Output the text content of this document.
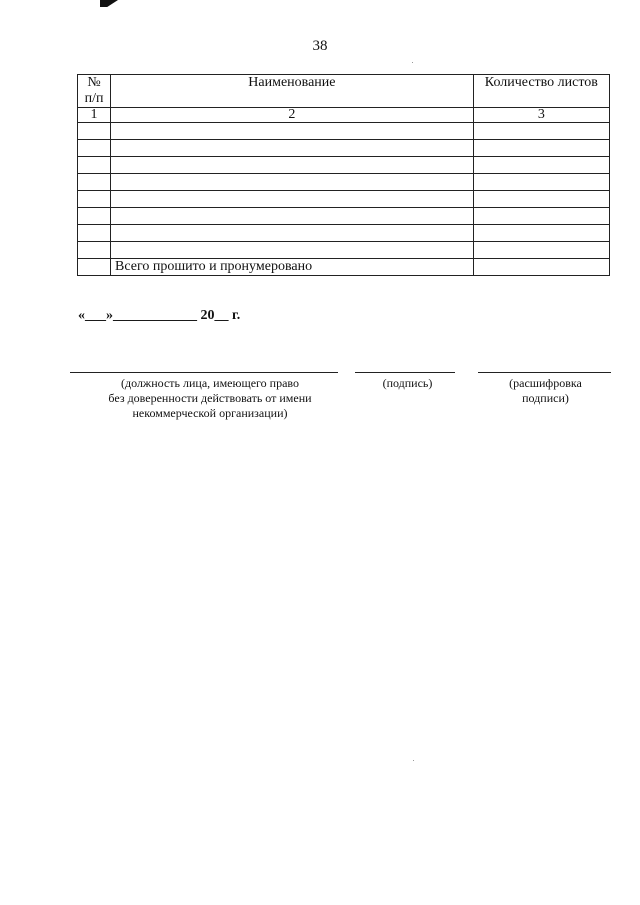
38
№
п/п	Наименование	Количество листов
1	2	3

	Всего прошито и пронумеровано	
«___»____________ 20__ г.
(должность лица, имеющего право
без доверенности действовать от имени
некоммерческой организации)
(подпись)	(расшифровка
подписи)
